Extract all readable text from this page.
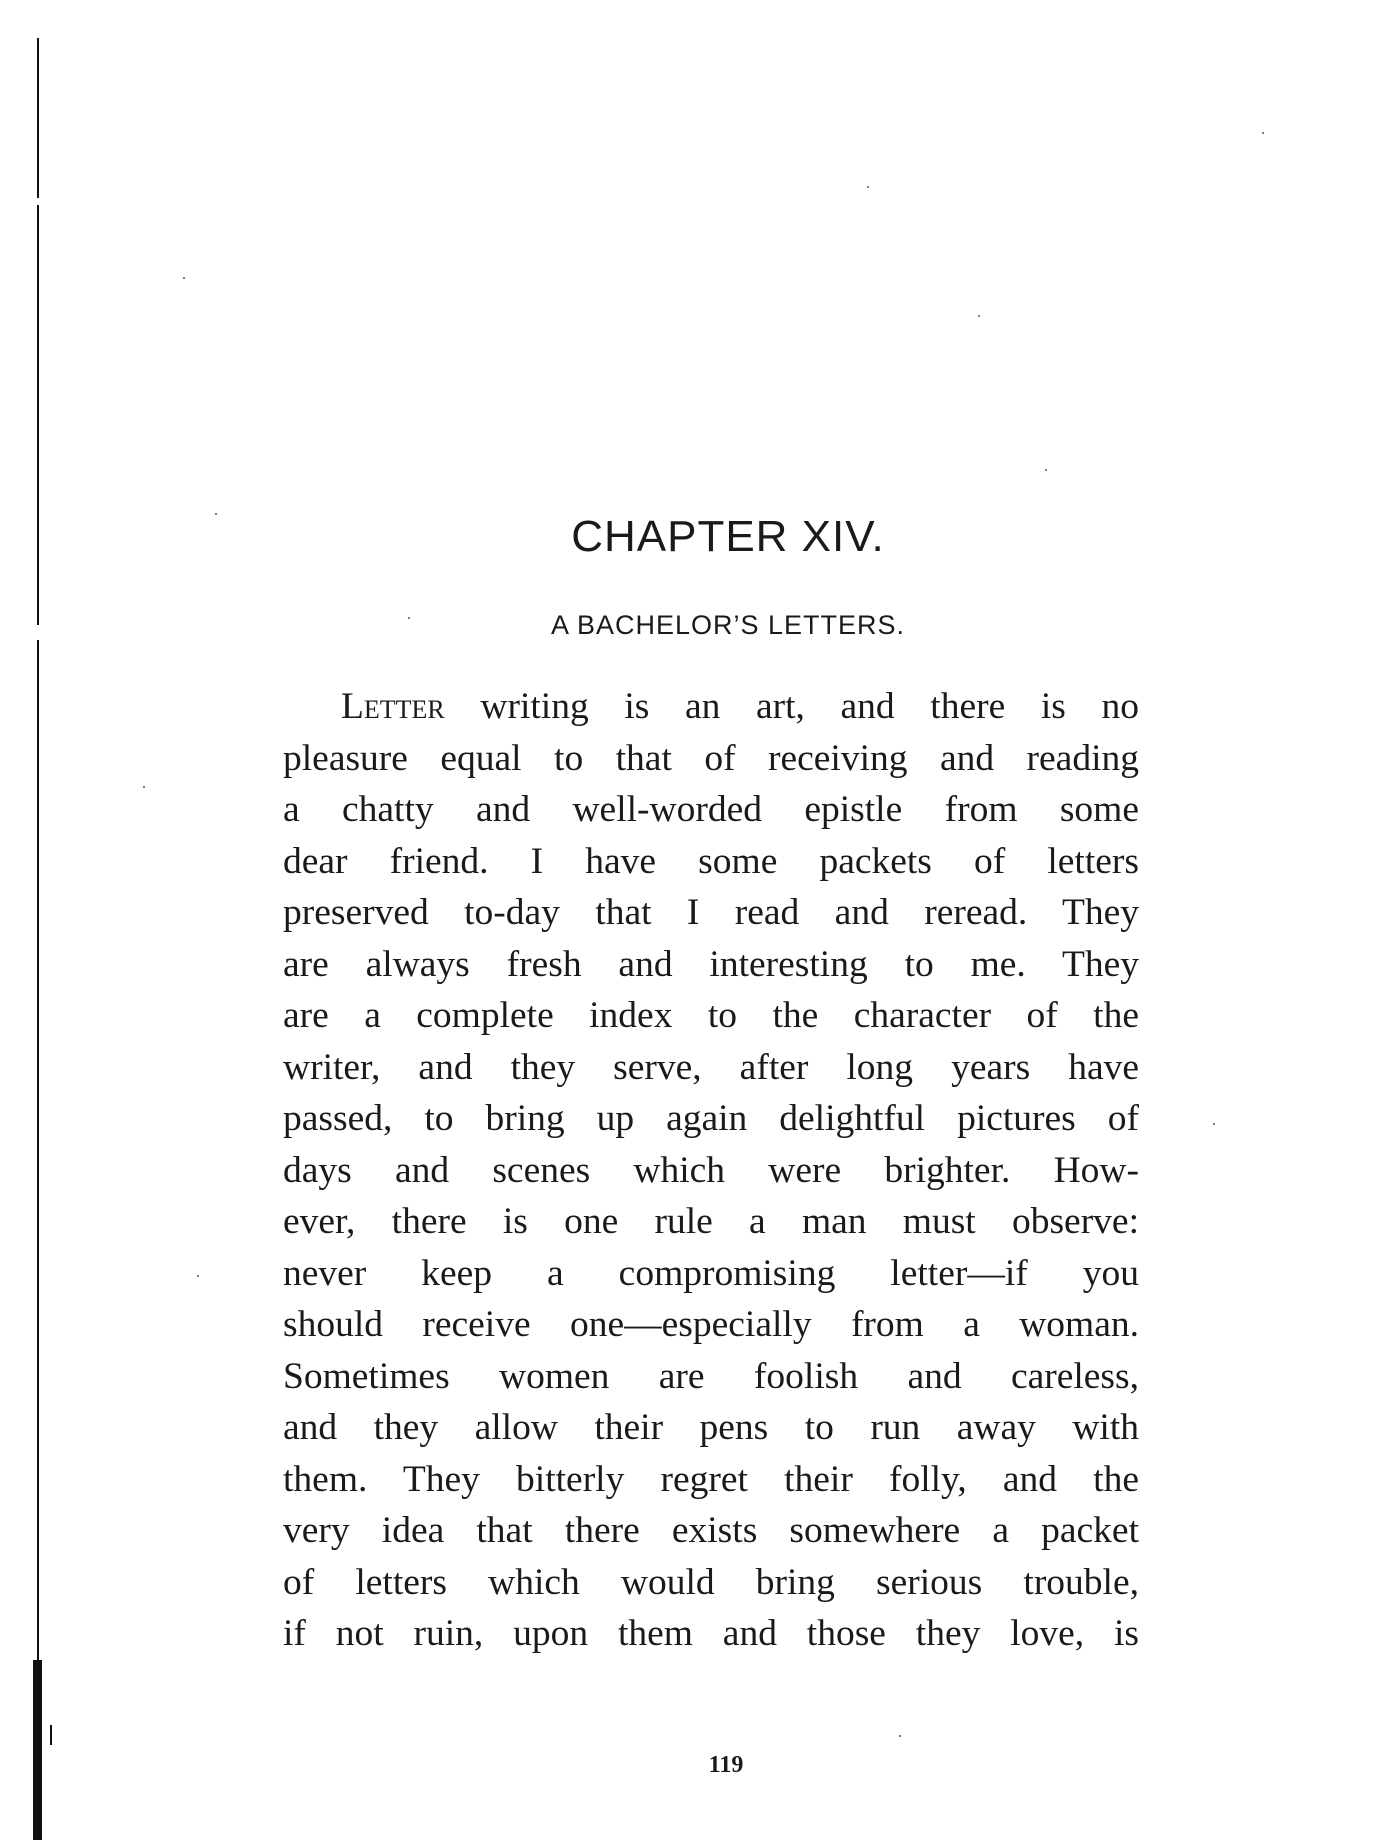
CHAPTER XIV.
A BACHELOR’S LETTERS.
Letter writing is an art, and there is no
pleasure equal to that of receiving and reading
a chatty and well-worded epistle from some
dear friend. I have some packets of letters
preserved to-day that I read and reread. They
are always fresh and interesting to me. They
are a complete index to the character of the
writer, and they serve, after long years have
passed, to bring up again delightful pictures of
days and scenes which were brighter. How-
ever, there is one rule a man must observe:
never keep a compromising letter—if you
should receive one—especially from a woman.
Sometimes women are foolish and careless,
and they allow their pens to run away with
them. They bitterly regret their folly, and the
very idea that there exists somewhere a packet
of letters which would bring serious trouble,
if not ruin, upon them and those they love, is
119
